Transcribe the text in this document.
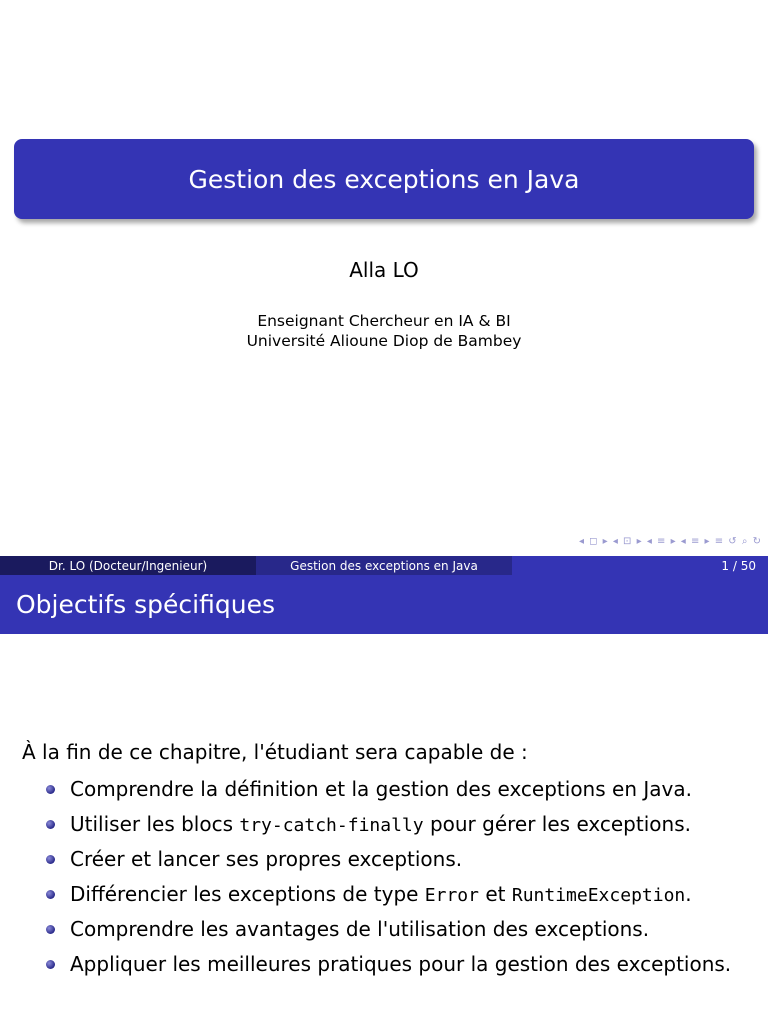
Gestion des exceptions en Java
Alla LO
Enseignant Chercheur en IA & BI
Université Alioune Diop de Bambey
◂ ◻ ▸ ◂ ⊡ ▸ ◂ ≡ ▸ ◂ ≡ ▸ ≡ ↺ ⌕ ↻
Dr. LO (Docteur/Ingenieur)	Gestion des exceptions en Java	1 / 50
Objectifs spécifiques
À la fin de ce chapitre, l'étudiant sera capable de :
Comprendre la définition et la gestion des exceptions en Java.
Utiliser les blocs try-catch-finally pour gérer les exceptions.
Créer et lancer ses propres exceptions.
Différencier les exceptions de type Error et RuntimeException.
Comprendre les avantages de l'utilisation des exceptions.
Appliquer les meilleures pratiques pour la gestion des exceptions.
